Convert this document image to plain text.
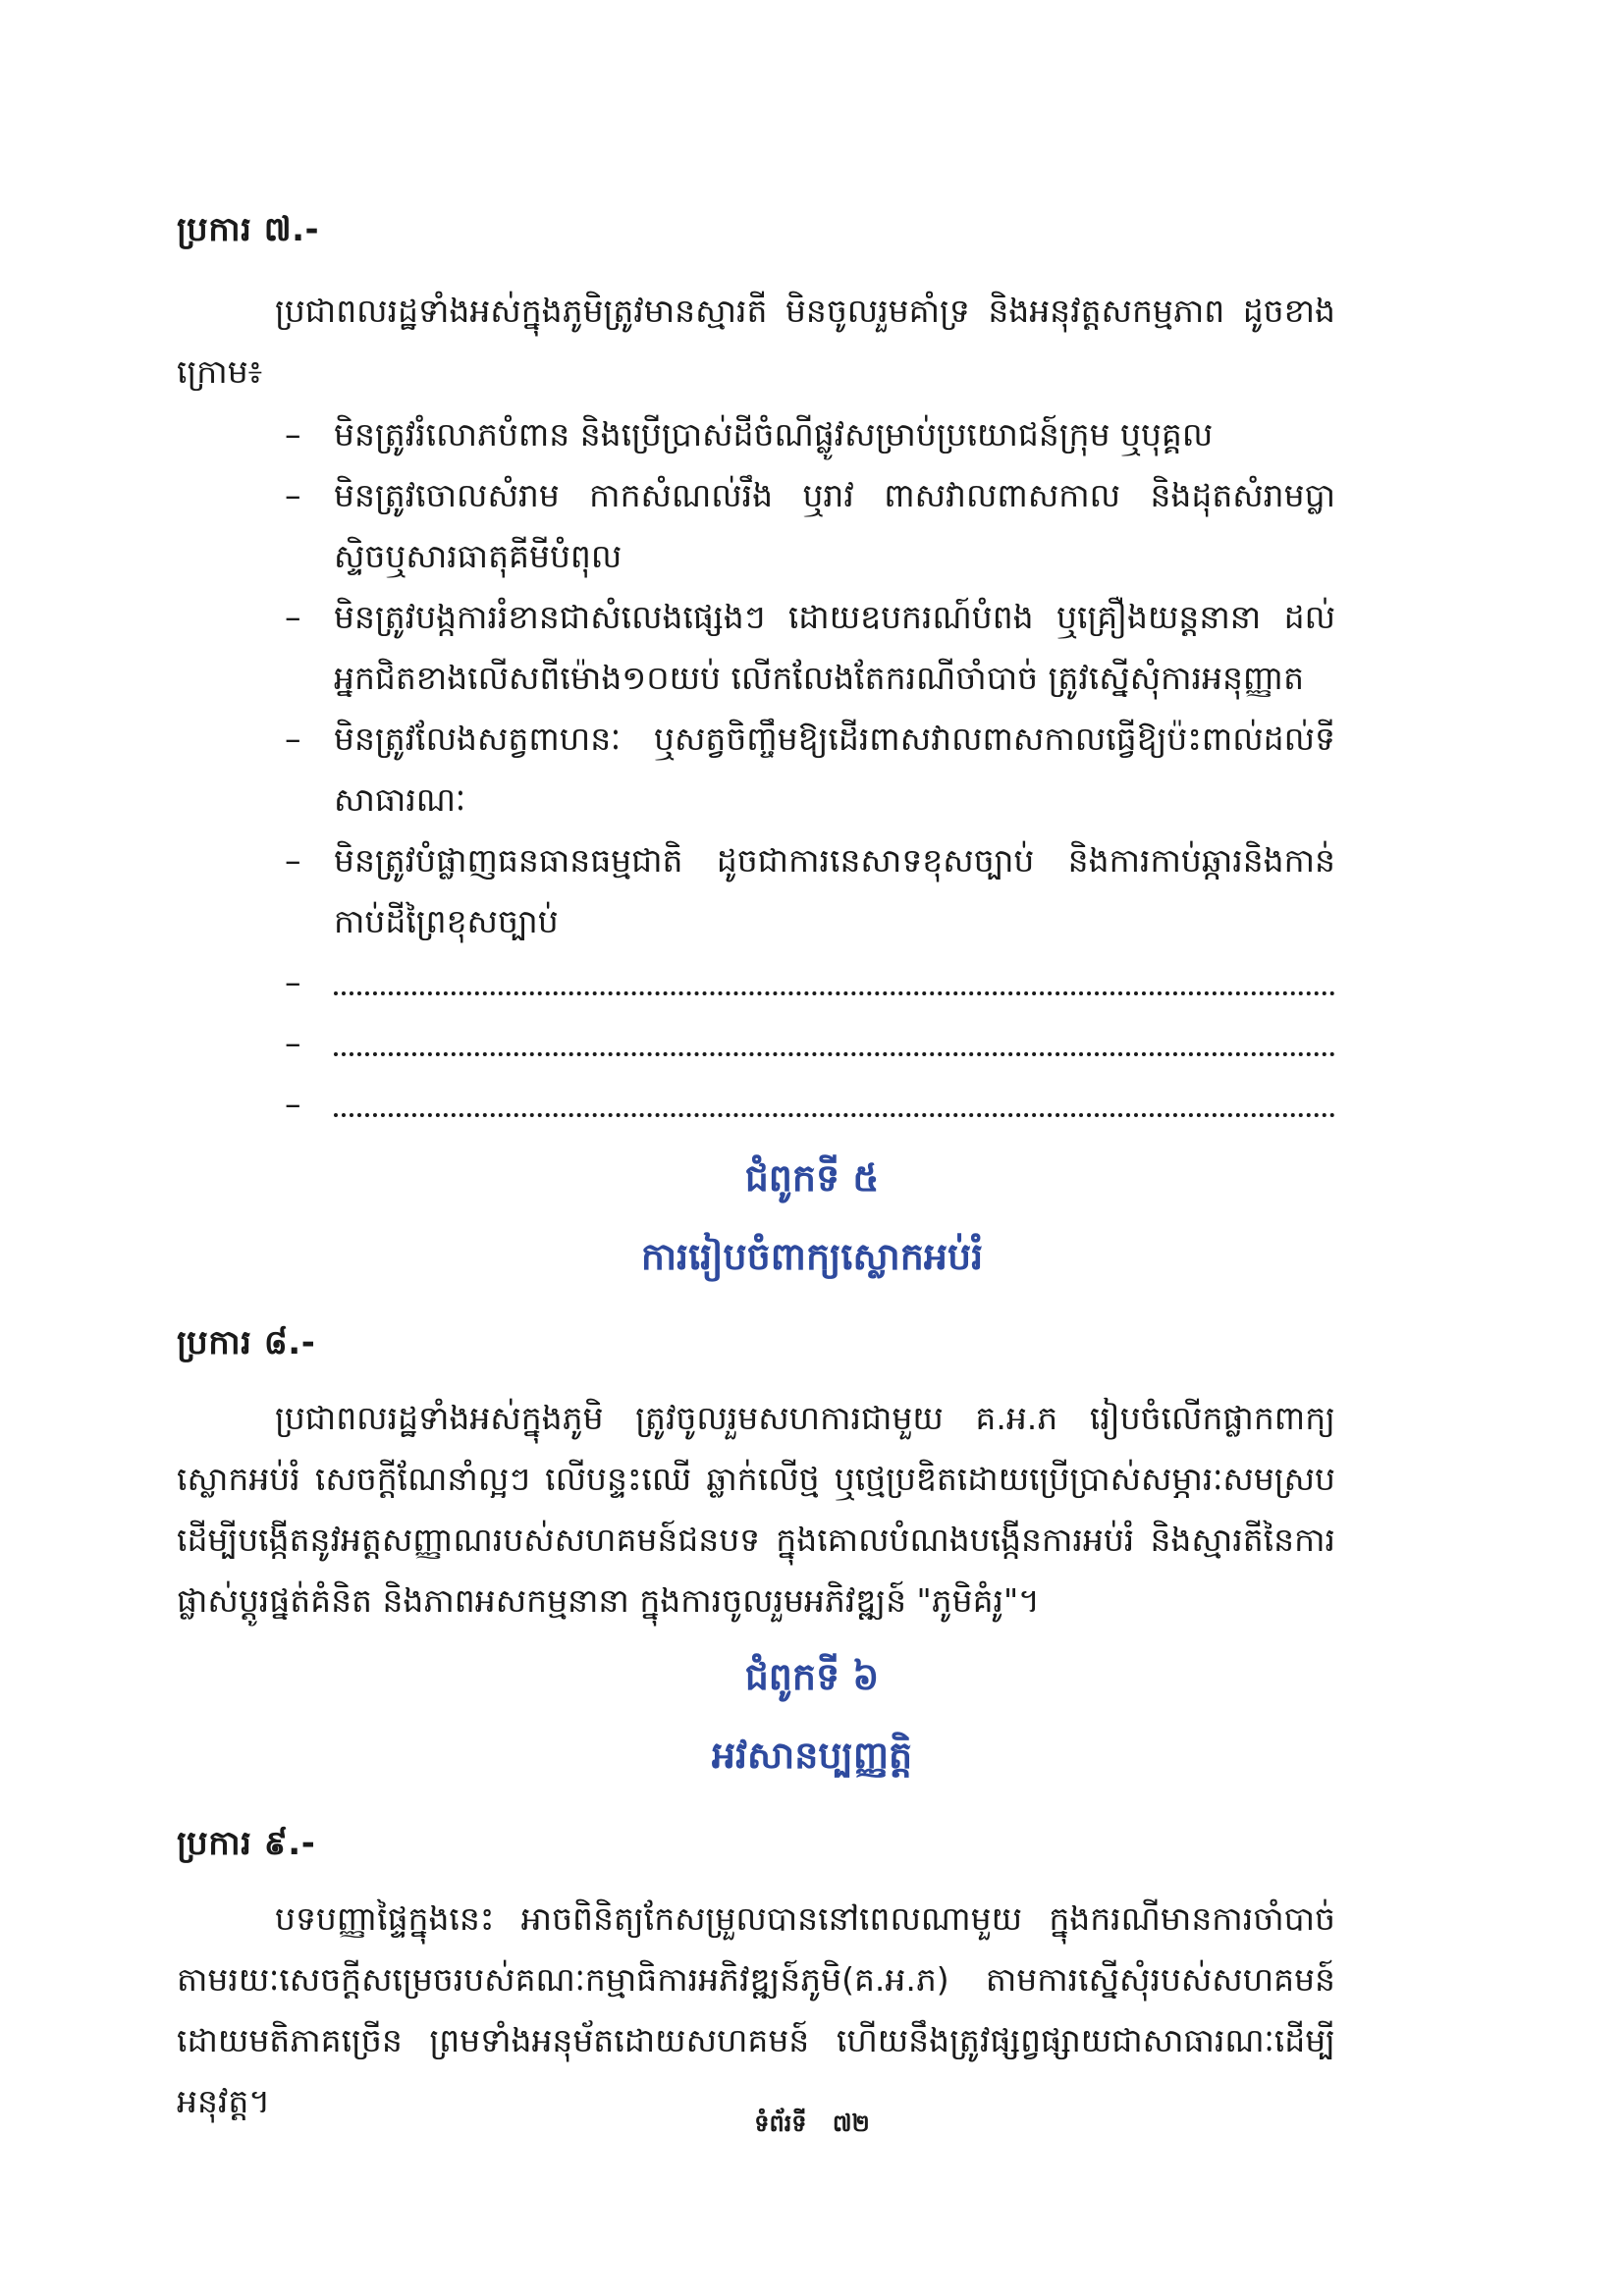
ប្រការ ៧.-
ប្រជាពលរដ្ឋទាំងអស់ក្នុងភូមិត្រូវមានស្មារតី មិនចូលរួមគាំទ្រ និងអនុវត្តសកម្មភាព ដូចខាងក្រោម៖
– មិនត្រូវរំលោភបំពាន និងប្រើប្រាស់ដីចំណីផ្លូវសម្រាប់ប្រយោជន៍ក្រុម ឬបុគ្គល
– មិនត្រូវចោលសំរាម កាកសំណល់រឹង ឬរាវ ពាសវាលពាសកាល និងដុតសំរាមប្លាស្ទិចឬសារធាតុគីមីបំពុល
– មិនត្រូវបង្កការរំខានជាសំលេងផ្សេងៗ ដោយឧបករណ៍បំពង ឬគ្រឿងយន្តនានា ដល់អ្នកជិតខាងលើសពីម៉ោង១០យប់ លើកលែងតែករណីចាំបាច់ ត្រូវស្នើសុំការអនុញ្ញាត
– មិនត្រូវលែងសត្វពាហនៈ ឬសត្វចិញ្ចឹមឱ្យដើរពាសវាលពាសកាលធ្វើឱ្យប៉ះពាល់ដល់ទីសាធារណៈ
– មិនត្រូវបំផ្លាញធនធានធម្មជាតិ ដូចជាការនេសាទខុសច្បាប់ និងការកាប់ឆ្ការនិងកាន់កាប់ដីព្រៃខុសច្បាប់
–
–
–
ជំពូកទី ៥
ការរៀបចំពាក្យស្លោកអប់រំ
ប្រការ ៨.-
ប្រជាពលរដ្ឋទាំងអស់ក្នុងភូមិ ត្រូវចូលរួមសហការជាមួយ គ.អ.ភ រៀបចំលើកផ្លាកពាក្យស្លោកអប់រំ សេចក្តីណែនាំល្អៗ លើបន្ទះឈើ ឆ្លាក់លើថ្ម ឬថ្មេប្រឌិតដោយប្រើប្រាស់សម្ភារៈសមស្រប ដើម្បីបង្កើតនូវអត្តសញ្ញាណរបស់សហគមន៍ជនបទ ក្នុងគោលបំណងបង្កើនការអប់រំ និងស្មារតីនៃការផ្លាស់ប្តូរផ្នត់គំនិត និងភាពអសកម្មនានា ក្នុងការចូលរួមអភិវឌ្ឍន៍ "ភូមិគំរូ"។
ជំពូកទី ៦
អវសានប្បញ្ញត្តិ
ប្រការ ៩.-
បទបញ្ញាផ្ទៃក្នុងនេះ អាចពិនិត្យកែសម្រួលបាននៅពេលណាមួយ ក្នុងករណីមានការចាំបាច់តាមរយៈសេចក្តីសម្រេចរបស់គណៈកម្មាធិការអភិវឌ្ឍន៍ភូមិ(គ.អ.ភ) តាមការស្នើសុំរបស់សហគមន៍ដោយមតិភាគច្រើន ព្រមទាំងអនុម័តដោយសហគមន៍ ហើយនឹងត្រូវផ្សព្វផ្សាយជាសាធារណៈដើម្បីអនុវត្ត។
ទំព័រទី ៧២
